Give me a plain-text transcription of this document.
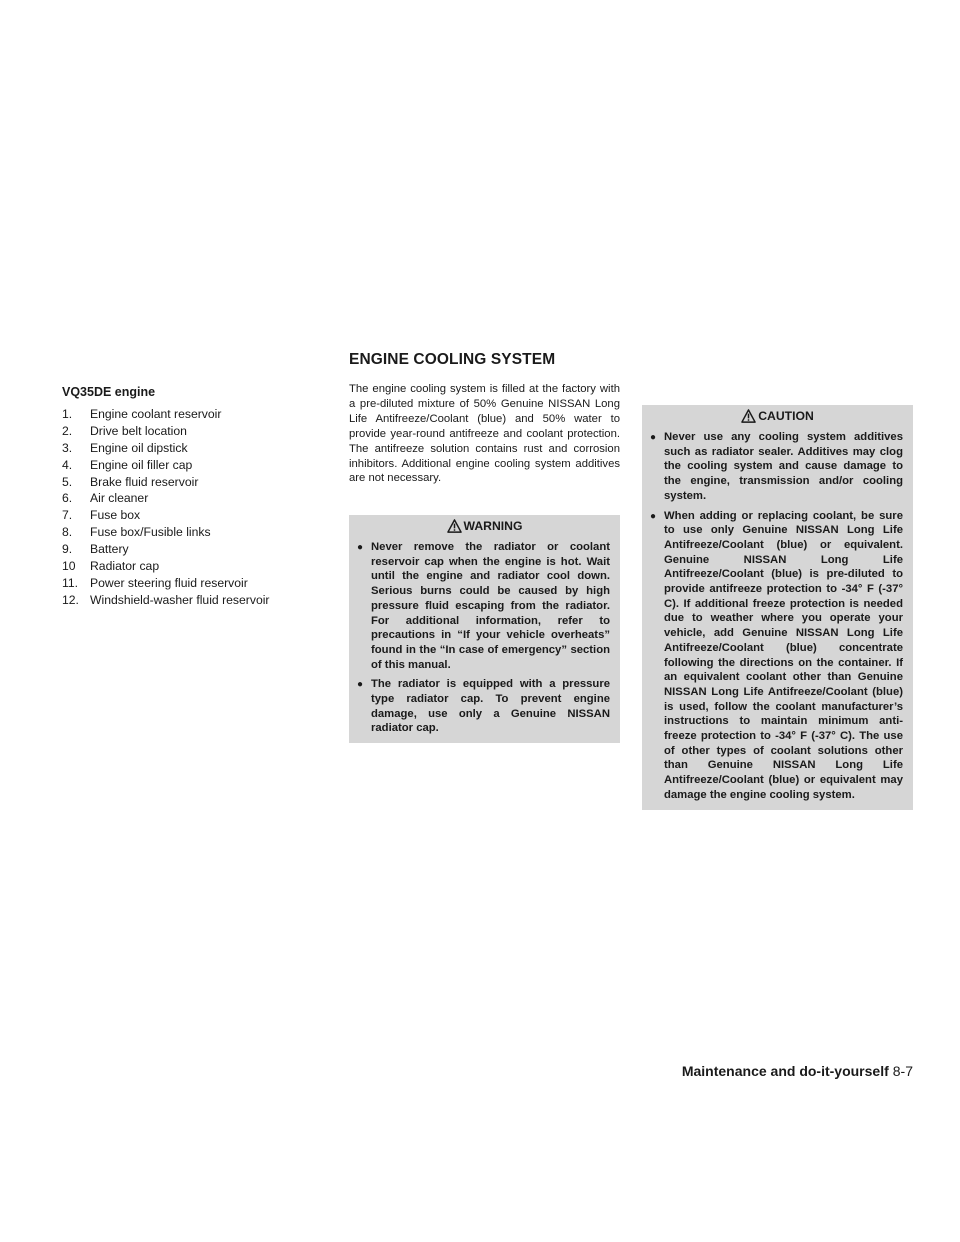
ENGINE COOLING SYSTEM
VQ35DE engine
1.	Engine coolant reservoir
2.	Drive belt location
3.	Engine oil dipstick
4.	Engine oil filler cap
5.	Brake fluid reservoir
6.	Air cleaner
7.	Fuse box
8.	Fuse box/Fusible links
9.	Battery
10 Radiator cap
11. Power steering fluid reservoir
12. Windshield-washer fluid reservoir

The engine cooling system is filled at the factory with a pre-diluted mixture of 50% Genuine NISSAN Long Life Antifreeze/Coolant (blue) and 50% water to provide year-round antifreeze and coolant protection. The antifreeze solution contains rust and corrosion inhibitors. Additional engine cooling system additives are not necessary.

WARNING
● Never remove the radiator or coolant reservoir cap when the engine is hot. Wait until the engine and radiator cool down. Serious burns could be caused by high pressure fluid escaping from the radiator. For additional information, refer to precautions in “If your vehicle overheats” found in the “In case of emergency” section of this manual.
● The radiator is equipped with a pressure type radiator cap. To prevent engine damage, use only a Genuine NISSAN radiator cap.
CAUTION
● Never use any cooling system additives such as radiator sealer. Additives may clog the cooling system and cause damage to the engine, transmission and/or cooling system.
● When adding or replacing coolant, be sure to use only Genuine NISSAN Long Life Antifreeze/Coolant (blue) or equivalent. Genuine NISSAN Long Life Antifreeze/Coolant (blue) is pre-diluted to provide antifreeze protection to -34° F (-37° C). If additional freeze protection is needed due to weather where you operate your vehicle, add Genuine NISSAN Long Life Antifreeze/Coolant (blue) concentrate following the directions on the container. If an equivalent coolant other than Genuine NISSAN Long Life Antifreeze/Coolant (blue) is used, follow the coolant manufacturer’s instructions to maintain minimum anti-freeze protection to -34° F (-37° C). The use of other types of coolant solutions other than Genuine NISSAN Long Life Antifreeze/Coolant (blue) or equivalent may damage the engine cooling system.
Maintenance and do-it-yourself 8-7
